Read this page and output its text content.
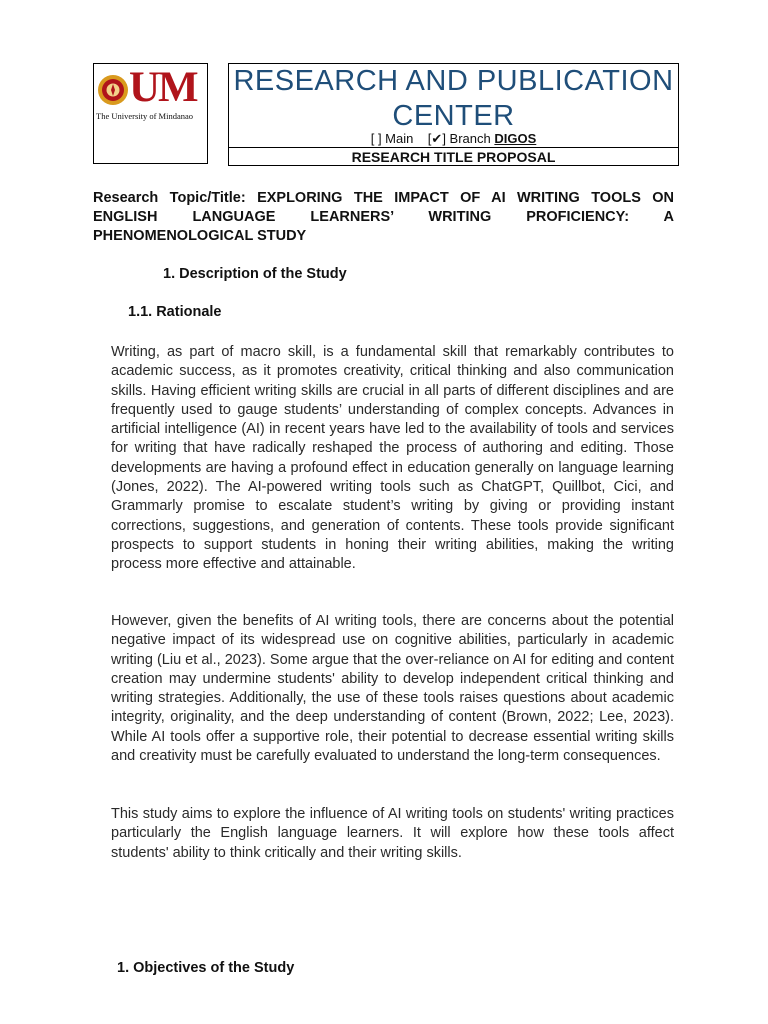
UM
The University of Mindanao
RESEARCH AND PUBLICATION CENTER
[ ] Main [✔] Branch DIGOS
RESEARCH TITLE PROPOSAL
Research Topic/Title: EXPLORING THE IMPACT OF AI WRITING TOOLS ON ENGLISH LANGUAGE LEARNERS’ WRITING PROFICIENCY: A PHENOMENOLOGICAL STUDY
1. Description of the Study
1.1. Rationale

Writing, as part of macro skill, is a fundamental skill that remarkably contributes to academic success, as it promotes creativity, critical thinking and also communication skills. Having efficient writing skills are crucial in all parts of different disciplines and are frequently used to gauge students’ understanding of complex concepts. Advances in artificial intelligence (AI) in recent years have led to the availability of tools and services for writing that have radically reshaped the process of authoring and editing. Those developments are having a profound effect in education generally on language learning (Jones, 2022). The AI-powered writing tools such as ChatGPT, Quillbot, Cici, and Grammarly promise to escalate student’s writing by giving or providing instant corrections, suggestions, and generation of contents. These tools provide significant prospects to support students in honing their writing abilities, making the writing process more effective and attainable.

However, given the benefits of AI writing tools, there are concerns about the potential negative impact of its widespread use on cognitive abilities, particularly in academic writing (Liu et al., 2023). Some argue that the over-reliance on AI for editing and content creation may undermine students' ability to develop independent critical thinking and writing strategies. Additionally, the use of these tools raises questions about academic integrity, originality, and the deep understanding of content (Brown, 2022; Lee, 2023). While AI tools offer a supportive role, their potential to decrease essential writing skills and creativity must be carefully evaluated to understand the long-term consequences.

This study aims to explore the influence of AI writing tools on students' writing practices particularly the English language learners. It will explore how these tools affect students' ability to think critically and their writing skills.

1. Objectives of the Study
